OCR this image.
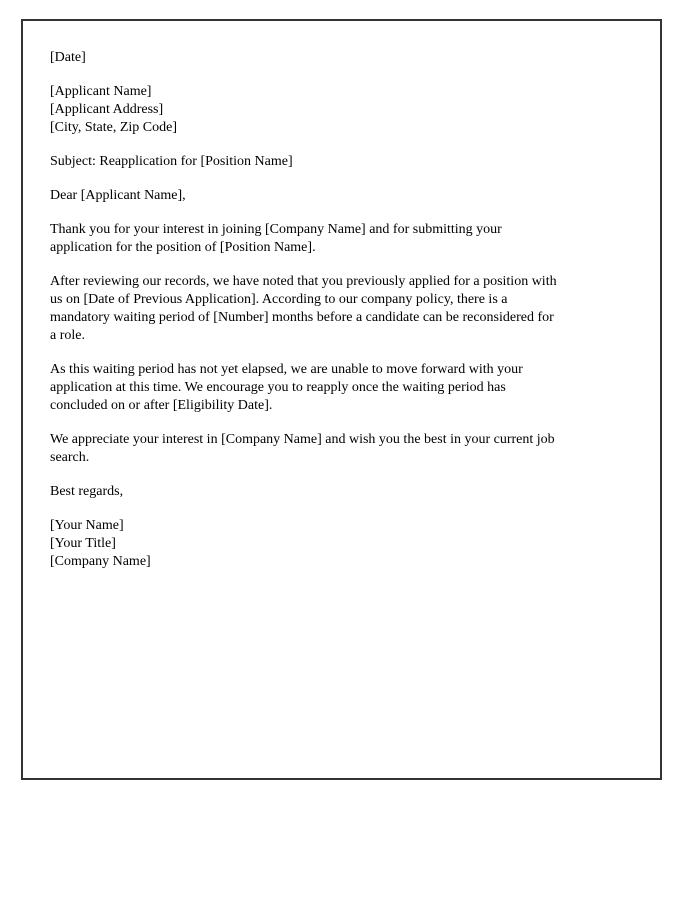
[Date]
[Applicant Name]
[Applicant Address]
[City, State, Zip Code]
Subject: Reapplication for [Position Name]
Dear [Applicant Name],
Thank you for your interest in joining [Company Name] and for submitting your
application for the position of [Position Name].
After reviewing our records, we have noted that you previously applied for a position with
us on [Date of Previous Application]. According to our company policy, there is a
mandatory waiting period of [Number] months before a candidate can be reconsidered for
a role.
As this waiting period has not yet elapsed, we are unable to move forward with your
application at this time. We encourage you to reapply once the waiting period has
concluded on or after [Eligibility Date].
We appreciate your interest in [Company Name] and wish you the best in your current job
search.
Best regards,
[Your Name]
[Your Title]
[Company Name]
